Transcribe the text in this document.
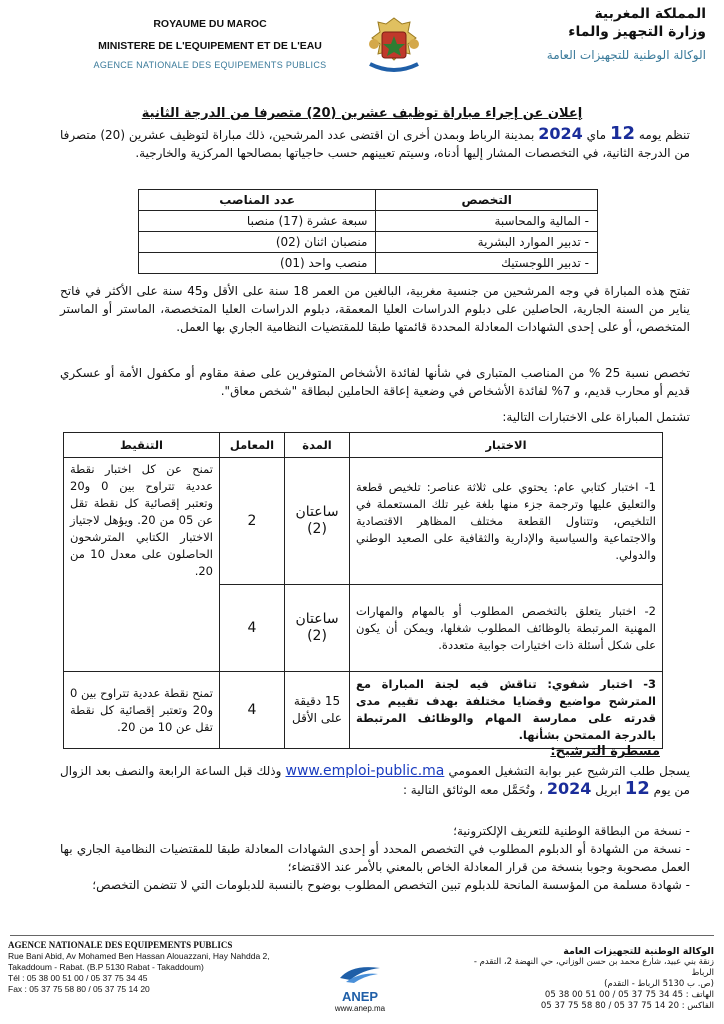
ROYAUME DU MAROC
MINISTERE DE L'EQUIPEMENT ET DE L'EAU
AGENCE NATIONALE DES EQUIPEMENTS PUBLICS
المملكة المغربية
وزارة التجهيز والماء
الوكالة الوطنية للتجهيزات العامة
إعلان عن إجراء مباراة توظيف عشرين (20) متصرفا من الدرجة الثانية
تنظم يومه 12 ماي 2024 بمدينة الرباط وبمدن أخرى ان اقتضى عدد المرشحين، ذلك مباراة لتوظيف عشرين (20) متصرفا من الدرجة الثانية، في التخصصات المشار إليها أدناه، وسيتم تعيينهم حسب حاجياتها بمصالحها المركزية والخارجية.
التخصص	عدد المناصب
- المالية والمحاسبة	سبعة عشرة (17) منصبا
- تدبير الموارد البشرية	منصبان اثنان (02)
- تدبير اللوجستيك	منصب واحد (01)
تفتح هذه المباراة في وجه المرشحين من جنسية مغربية، البالغين من العمر 18 سنة على الأقل و45 سنة على الأكثر في فاتح يناير من السنة الجارية، الحاصلين على دبلوم الدراسات العليا المعمقة، دبلوم الدراسات العليا المتخصصة، الماستر أو الماستر المتخصص، أو على إحدى الشهادات المعادلة المحددة قائمتها طبقا للمقتضيات النظامية الجاري بها العمل.
تخصص نسبة 25 % من المناصب المتبارى في شأنها لفائدة الأشخاص المتوفرين على صفة مقاوم أو مكفول الأمة أو عسكري قديم أو محارب قديم، و 7% لفائدة الأشخاص في وضعية إعاقة الحاملين لبطاقة "شخص معاق".
تشتمل المباراة على الاختبارات التالية:
الاختبار	المدة	المعامل	التنقيط
1- اختبار كتابي عام: يحتوي على ثلاثة عناصر: تلخيص قطعة والتعليق عليها وترجمة جزء منها بلغة غير تلك المستعملة في التلخيص، وتتناول القطعة مختلف المظاهر الاقتصادية والاجتماعية والسياسية والإدارية والثقافية على الصعيد الوطني والدولي.	ساعتان (2)	2	تمنح عن كل اختبار نقطة عددية تتراوح بين 0 و20 وتعتبر إقصائية كل نقطة تقل عن 05 من 20. ويؤهل لاجتياز الاختبار الكتابي المترشحون الحاصلون على معدل 10 من 20.
2- اختبار يتعلق بالتخصص المطلوب أو بالمهام والمهارات المهنية المرتبطة بالوظائف المطلوب شغلها، ويمكن أن يكون على شكل أسئلة ذات اختيارات جوابية متعددة.	ساعتان (2)	4	
3- اختبار شفوي: تناقش فيه لجنة المباراة مع المترشح مواضيع وقضايا مختلفة بهدف تقييم مدى قدرته على ممارسة المهام والوظائف المرتبطة بالدرجة الممتحن بشأنها.	15 دقيقة على الأقل	4	تمنح نقطة عددية تتراوح بين 0 و20 وتعتبر إقصائية كل نقطة تقل عن 10 من 20.
مسطرة الترشيح:
يسجل طلب الترشيح عبر بوابة التشغيل العمومي www.emploi-public.ma وذلك قبل الساعة الرابعة والنصف بعد الزوال من يوم 12 ابريل 2024 ، وتُحَمَّل معه الوثائق التالية :
- نسخة من البطاقة الوطنية للتعريف الإلكترونية؛
- نسخة من الشهادة أو الدبلوم المطلوب في التخصص المحدد أو إحدى الشهادات المعادلة طبقا للمقتضيات النظامية الجاري بها العمل مصحوبة وجوبا بنسخة من قرار المعادلة الخاص بالمعني بالأمر عند الاقتضاء؛
- شهادة مسلمة من المؤسسة المانحة للدبلوم تبين التخصص المطلوب بوضوح بالنسبة للدبلومات التي لا تتضمن التخصص؛
AGENCE NATIONALE DES EQUIPEMENTS PUBLICS
Rue Bani Abid, Av Mohamed Ben Hassan Alouazzani, Hay Nahdda 2,
Takaddoum - Rabat. (B.P 5130 Rabat - Takaddoum)
Tél : 05 38 00 51 00 / 05 37 75 34 45
Fax : 05 37 75 58 80 / 05 37 75 14 20	ANEP
www.anep.ma
الوكالة الوطنية للتجهيزات العامة
زنقة بني عبيد، شارع محمد بن حسن الوزاني، حي النهضة 2، التقدم - الرباط
(ص. ب 5130 الرباط - التقدم)
الهاتف : 45 34 75 37 05 / 00 51 00 38 05
الفاكس : 20 14 75 37 05 / 80 58 75 37 05
